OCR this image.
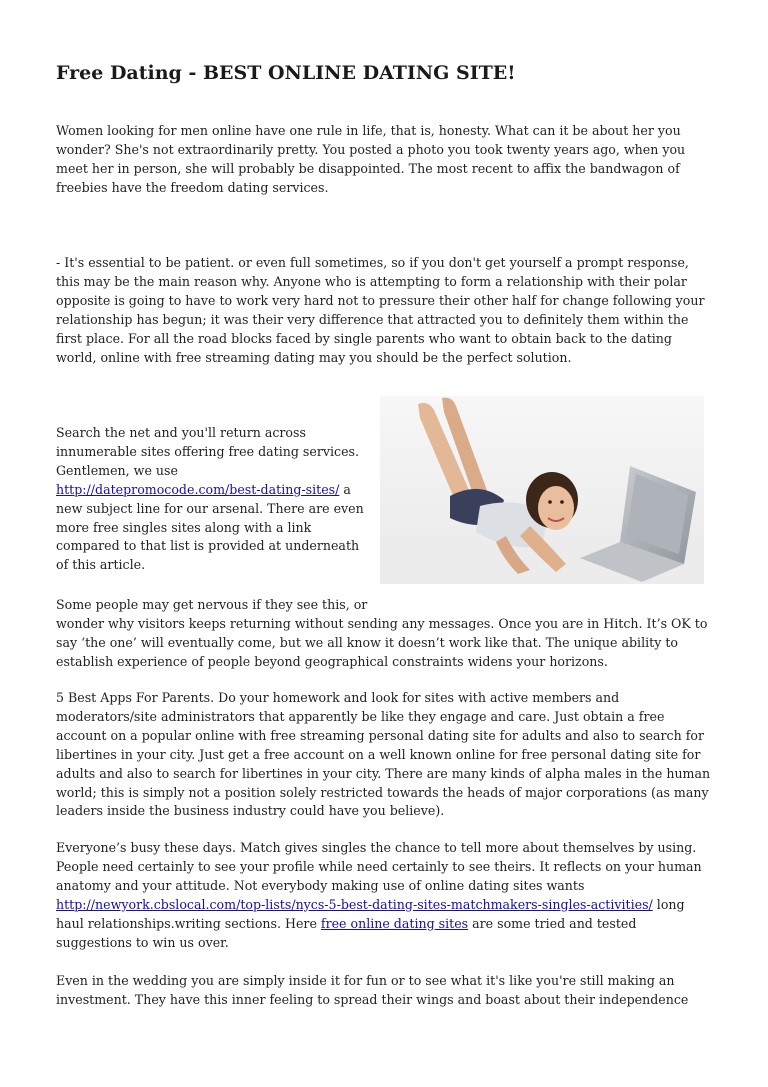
Free Dating - BEST ONLINE DATING SITE!

Women looking for men online have one rule in life, that is, honesty. What can it be about her you wonder? She's not extraordinarily pretty. You posted a photo you took twenty years ago, when you meet her in person, she will probably be disappointed. The most recent to affix the bandwagon of freebies have the freedom dating services.

- It's essential to be patient. or even full sometimes, so if you don't get yourself a prompt response, this may be the main reason why. Anyone who is attempting to form a relationship with their polar opposite is going to have to work very hard not to pressure their other half for change following your relationship has begun; it was their very difference that attracted you to definitely them within the first place. For all the road blocks faced by single parents who want to obtain back to the dating world, online with free streaming dating may you should be the perfect solution.

Search the net and you'll return across innumerable sites offering free dating services. Gentlemen, we use http://datepromocode.com/best-dating-sites/ a new subject line for our arsenal. There are even more free singles sites along with a link compared to that list is provided at underneath of this article.

Some people may get nervous if they see this, or
wonder why visitors keeps returning without sending any messages. Once you are in Hitch. It’s OK to say ‘the one’ will eventually come, but we all know it doesn’t work like that. The unique ability to establish experience of people beyond geographical constraints widens your horizons.

5 Best Apps For Parents. Do your homework and look for sites with active members and moderators/site administrators that apparently be like they engage and care. Just obtain a free account on a popular online with free streaming personal dating site for adults and also to search for libertines in your city. Just get a free account on a well known online for free personal dating site for adults and also to search for libertines in your city. There are many kinds of alpha males in the human world; this is simply not a position solely restricted towards the heads of major corporations (as many leaders inside the business industry could have you believe).

Everyone’s busy these days. Match gives singles the chance to tell more about themselves by using. People need certainly to see your profile while need certainly to see theirs. It reflects on your human anatomy and your attitude. Not everybody making use of online dating sites wants http://newyork.cbslocal.com/top-lists/nycs-5-best-dating-sites-matchmakers-singles-activities/ long haul relationships.writing sections. Here free online dating sites are some tried and tested suggestions to win us over.

Even in the wedding you are simply inside it for fun or to see what it's like you're still making an investment. They have this inner feeling to spread their wings and boast about their independence
